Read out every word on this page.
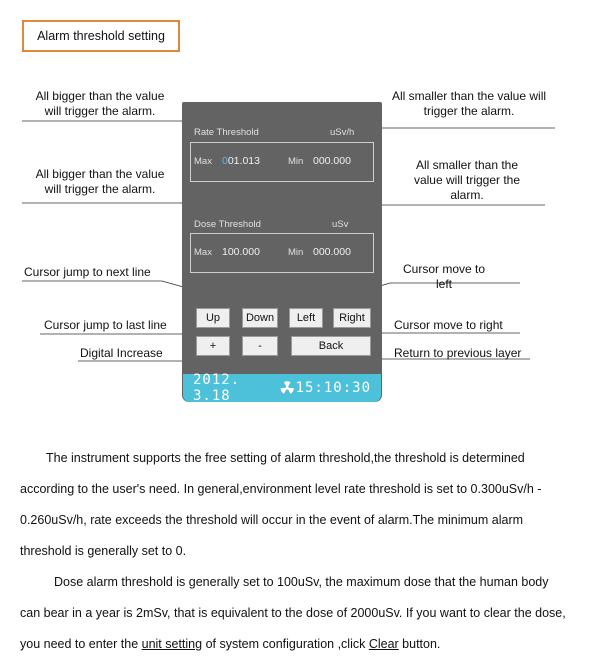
Alarm threshold setting
Rate Threshold	uSv/h
Max 001.013	Min 000.000
Dose Threshold	uSv
Max 100.000	Min 000.000
Up	Down	Left	Right
+	-	Back
2012. 3.18	15:10:30
All bigger than the value
will trigger the alarm.
All smaller than the value will
trigger the alarm.
All bigger than the value
will trigger the alarm.
All smaller than the
value will trigger the
alarm.
Cursor jump to next line	Cursor move to
left
Cursor jump to last line	Cursor move to right
Digital Increase	Return to previous layer
The instrument supports the free setting of alarm threshold,the threshold is determined
according to the user's need. In general,environment level rate threshold is set to 0.300uSv/h -
0.260uSv/h, rate exceeds the threshold will occur in the event of alarm.The minimum alarm
threshold is generally set to 0.
Dose alarm threshold is generally set to 100uSv, the maximum dose that the human body
can bear in a year is 2mSv, that is equivalent to the dose of 2000uSv. If you want to clear the dose,
you need to enter the unit setting of system configuration ,click Clear button.
